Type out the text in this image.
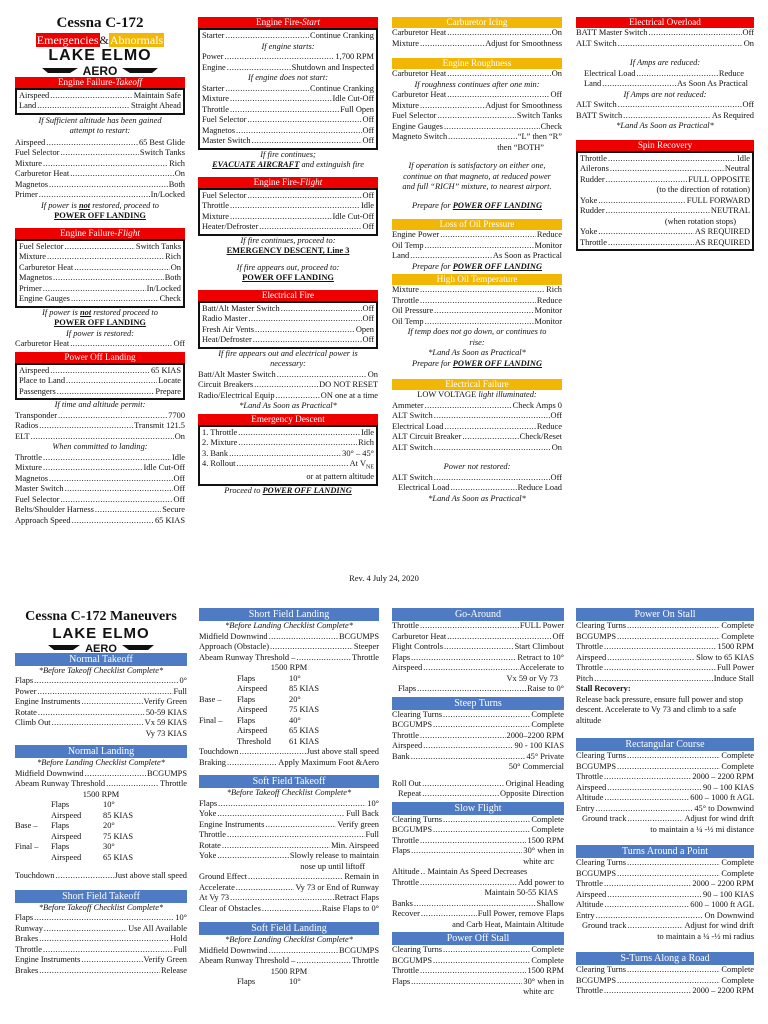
Cessna C-172
Emergencies&Abnormals
LAKE ELMO
AERO
Engine Failure-Takeoff
Airspeed .....	Maintain Safe
Land .....	Straight Ahead
If Sufficient altitude has been gained attempt to restart:
Airspeed .....	65 Best Glide
Fuel Selector .....	Switch Tanks
Mixture .....	Rich
Carburetor Heat .....	On
Magnetos .....	Both
Primer .....	In/Locked
If power is not restored, proceed to
POWER OFF LANDING
Engine Failure-Flight
Fuel Selector .....	Switch Tanks
Mixture .....	Rich
Carburetor Heat .....	On
Magnetos .....	Both
Primer .....	In/Locked
Engine Gauges .....	Check
If power is not restored proceed to
POWER OFF LANDING
If power is restored:
Carburetor Heat .....	Off
Power Off Landing
Airspeed .....	65 KIAS
Place to Land .....	Locate
Passengers .....	Prepare
If time and altitude permit:
Transponder .....	7700
Radios .....	Transmit 121.5
ELT .....	On
When committed to landing:
Throttle .....	Idle
Mixture .....	Idle Cut-Off
Magnetos .....	Off
Master Switch .....	Off
Fuel Selector .....	Off
Belts/Shoulder Harness .....	Secure
Approach Speed .....	65 KIAS
Engine Fire-Start
Starter .....	Continue Cranking
If engine starts:
Power .....	1,700 RPM
Engine .....	Shutdown and Inspected
If engine does not start:
Starter .....	Continue Cranking
Mixture .....	Idle Cut-Off
Throttle .....	Full Open
Fuel Selector .....	Off
Magnetos .....	Off
Master Switch .....	Off
If fire continues;
EVACUATE AIRCRAFT and extinguish fire
Engine Fire-Flight
Fuel Selector .....	Off
Throttle .....	Idle
Mixture .....	Idle Cut-Off
Heater/Defroster .....	Off
If fire continues, proceed to:
EMERGENCY DESCENT, Line 3
If fire appears out, proceed to:
POWER OFF LANDING
Electrical Fire
Batt/Alt Master Switch .....	Off
Radio Master .....	Off
Fresh Air Vents .....	Open
Heat/Defroster .....	Off
If fire appears out and electrical power is necessary:
Batt/Alt Master Switch .....	On
Circuit Breakers .....	DO NOT RESET
Radio/Electrical Equip .....	ON one at a time
*Land As Soon as Practical*
Emergency Descent
1. Throttle .....	Idle
2. Mixture .....	Rich
3. Bank .....	30° – 45°
4. Rollout .....	At $V_{NE}$
or at pattern altitude
Proceed to POWER OFF LANDING
Carburetor Icing
Carburetor Heat .....	On
Mixture .....	Adjust for Smoothness
Engine Roughness
Carburetor Heat .....	On
If roughness continues after one min:
Carburetor Heat .....	Off
Mixture .....	Adjust for Smoothness
Fuel Selector .....	Switch Tanks
Engine Gauges .....	Check
Magneto Switch .....	“L” then “R”
then “BOTH”
If operation is satisfactory on either one, continue on that magneto, at reduced power and full “RICH” mixture, to nearest airport.
Prepare for POWER OFF LANDING
Loss of Oil Pressure
Engine Power .....	Reduce
Oil Temp .....	Monitor
Land .....	As Soon as Practical
Prepare for POWER OFF LANDING
High Oil Temperature
Mixture .....	Rich
Throttle .....	Reduce
Oil Pressure .....	Monitor
Oil Temp .....	Monitor
If temp does not go down, or continues to rise:
*Land As Soon as Practical*
Prepare for POWER OFF LANDING
Electrical Failure
LOW VOLTAGE light illuminated:
Ammeter .....	Check Amps 0
ALT Switch .....	Off
Electrical Load .....	Reduce
ALT Circuit Breaker .....	Check/Reset
ALT Switch .....	On
Power not restored:
ALT Switch .....	Off
Electrical Load .....	Reduce Load
*Land As Soon as Practical*
Electrical Overload
BATT Master Switch .....	Off
ALT Switch .....	On
If Amps are reduced:
Electrical Load .....	Reduce
Land .....	As Soon As Practical
If Amps are not reduced:
ALT Switch .....	Off
BATT Switch .....	As Required
*Land As Soon as Practical*
Spin Recovery
Throttle .....	Idle
Ailerons .....	Neutral
Rudder .....	FULL OPPOSITE
(to the direction of rotation)
Yoke .....	FULL FORWARD
Rudder .....	NEUTRAL
(when rotation stops)
Yoke .....	AS REQUIRED
Throttle .....	AS REQUIRED
Rev. 4 July 24, 2020
Cessna C-172 Maneuvers
LAKE ELMO
AERO
Normal Takeoff
*Before Takeoff Checklist Complete*
Flaps .....	0°
Power .....	Full
Engine Instruments .....	Verify Green
Rotate .....	50-59 KIAS
Climb Out .....	Vx 59 KIAS
Vy 73 KIAS
Normal Landing
*Before Landing Checklist Complete*
Midfield Downwind .....	BCGUMPS
Abeam Runway Threshold .....	Throttle
1500 RPM
Flaps	10°
Airspeed	85 KIAS
Base –	Flaps	20°
Airspeed	75 KIAS
Final –	Flaps	30°
Airspeed	65 KIAS
Touchdown .....	Just above stall speed
Short Field Takeoff
*Before Takeoff Checklist Complete*
Flaps .....	10°
Runway .....	Use All Available
Brakes .....	Hold
Throttle .....	Full
Engine Instruments .....	Verify Green
Brakes .....	Release
Short Field Landing
*Before Landing Checklist Complete*
Midfield Downwind .....	BCGUMPS
Approach (Obstacle) .....	Steeper
Abeam Runway Threshold – .....	Throttle
1500 RPM
Flaps	10°
Airspeed	85 KIAS
Base –	Flaps	20°
Airspeed	75 KIAS
Final –	Flaps	40°
Airspeed	65 KIAS
Threshold	61 KIAS
Touchdown .....	Just above stall speed
Braking .....	Apply Maximum Foot &Aero
Soft Field Takeoff
*Before Takeoff Checklist Complete*
Flaps .....	10°
Yoke .....	Full Back
Engine Instruments .....	Verify green
Throttle .....	Full
Rotate .....	Min. Airspeed
Yoke .....	Slowly release to maintain
nose up until liftoff
Ground Effect .....	Remain in
Accelerate .....	Vy 73 or End of Runway
At Vy 73 .....	Retract Flaps
Clear of Obstacles .....	Raise Flaps to 0°
Soft Field Landing
*Before Landing Checklist Complete*
Midfield Downwind .....	BCGUMPS
Abeam Runway Threshold – .....	Throttle
1500 RPM
Flaps	10°
Go-Around
Throttle .....	FULL Power
Carburetor Heat .....	Off
Flight Controls .....	Start Climbout
Flaps .....	Retract to 10°
Airspeed .....	Accelerate to
Vx 59 or Vy 73
Flaps .....	Raise to 0°
Steep Turns
Clearing Turns .....	Complete
BCGUMPS .....	Complete
Throttle .....	2000–2200 RPM
Airspeed .....	90 - 100 KIAS
Bank .....	45° Private
50° Commercial
Roll Out .....	Original Heading
Repeat .....	Opposite Direction
Slow Flight
Clearing Turns .....	Complete
BCGUMPS .....	Complete
Throttle .....	1500 RPM
Flaps .....	30° when in
white arc
Altitude ..... Maintain As Speed Decreases
Throttle .....	Add power to
Maintain 50-55 KIAS
Banks .....	Shallow
Recover .....	Full Power, remove Flaps
and Carb Heat, Maintain Altitude
Power Off Stall
Clearing Turns .....	Complete
BCGUMPS .....	Complete
Throttle .....	1500 RPM
Flaps .....	30° when in
white arc
Power On Stall
Clearing Turns .....	Complete
BCGUMPS .....	Complete
Throttle .....	1500 RPM
Airspeed .....	Slow to 65 KIAS
Throttle .....	Full Power
Pitch .....	Induce Stall
Stall Recovery:
Release back pressure, ensure full power and stop descent. Accelerate to Vy 73 and climb to a safe altitude
Rectangular Course
Clearing Turns .....	Complete
BCGUMPS .....	Complete
Throttle .....	2000 – 2200 RPM
Airspeed .....	90 – 100 KIAS
Altitude .....	600 – 1000 ft AGL
Entry .....	45° to Downwind
Ground track .....	Adjust for wind drift
to maintain a ¼ -½ mi distance
Turns Around a Point
Clearing Turns .....	Complete
BCGUMPS .....	Complete
Throttle .....	2000 – 2200 RPM
Airspeed .....	90 – 100 KIAS
Altitude .....	600 – 1000 ft AGL
Entry .....	On Downwind
Ground track .....	Adjust for wind drift
to maintain a ¼ -½ mi radius
S-Turns Along a Road
Clearing Turns .....	Complete
BCGUMPS .....	Complete
Throttle .....	2000 – 2200 RPM
